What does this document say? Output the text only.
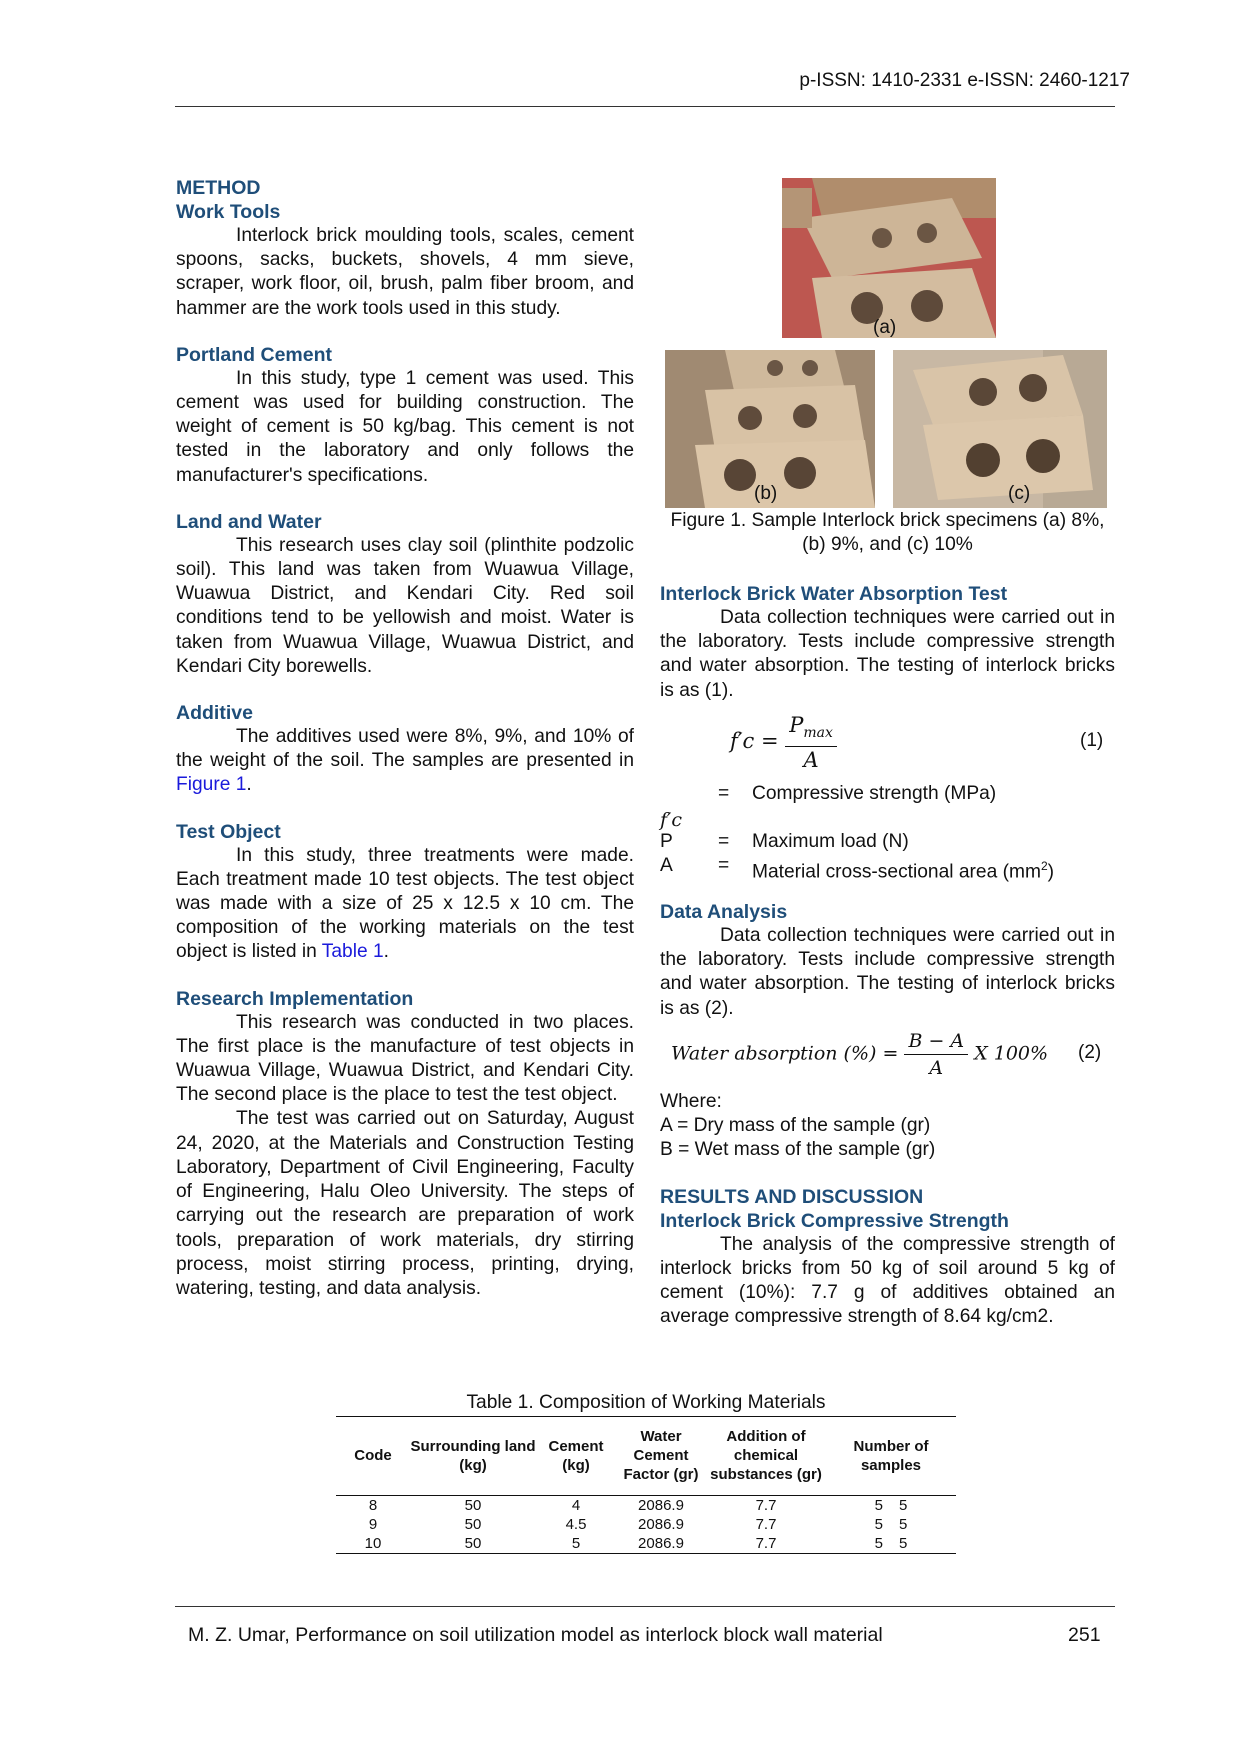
p-ISSN: 1410-2331 e-ISSN: 2460-1217
METHOD
Work Tools

Interlock brick moulding tools, scales, cement spoons, sacks, buckets, shovels, 4 mm sieve, scraper, work floor, oil, brush, palm fiber broom, and hammer are the work tools used in this study.

Portland Cement

In this study, type 1 cement was used. This cement was used for building construction. The weight of cement is 50 kg/bag. This cement is not tested in the laboratory and only follows the manufacturer's specifications.

Land and Water

This research uses clay soil (plinthite podzolic soil). This land was taken from Wuawua Village, Wuawua District, and Kendari City. Red soil conditions tend to be yellowish and moist. Water is taken from Wuawua Village, Wuawua District, and Kendari City borewells.

Additive

The additives used were 8%, 9%, and 10% of the weight of the soil. The samples are presented in Figure 1.

Test Object

In this study, three treatments were made. Each treatment made 10 test objects. The test object was made with a size of 25 x 12.5 x 10 cm. The composition of the working materials on the test object is listed in Table 1.

Research Implementation

This research was conducted in two places. The first place is the manufacture of test objects in Wuawua Village, Wuawua District, and Kendari City. The second place is the place to test the test object.

The test was carried out on Saturday, August 24, 2020, at the Materials and Construction Testing Laboratory, Department of Civil Engineering, Faculty of Engineering, Halu Oleo University. The steps of carrying out the research are preparation of work tools, preparation of work materials, dry stirring process, moist stirring process, printing, drying, watering, testing, and data analysis.

(a)
(b)	(c)
Figure 1. Sample Interlock brick specimens (a) 8%, (b) 9%, and (c) 10%
Interlock Brick Water Absorption Test

Data collection techniques were carried out in the laboratory. Tests include compressive strength and water absorption. The testing of interlock bricks is as (1).

$f'c = \frac{P_{max}}{A}$	(1)
f′c
= Compressive strength (MPa)
P = Maximum load (N)
A = Material cross-sectional area $(mm^2)$
Data Analysis

Data collection techniques were carried out in the laboratory. Tests include compressive strength and water absorption. The testing of interlock bricks is as (2).

Water absorption (%) = $\frac{B - A}{A}$ X 100% (2)
Where:
A = Dry mass of the sample (gr)
B = Wet mass of the sample (gr)
RESULTS AND DISCUSSION
Interlock Brick Compressive Strength

The analysis of the compressive strength of interlock bricks from 50 kg of soil around 5 kg of cement (10%): 7.7 g of additives obtained an average compressive strength of 8.64 kg/cm2.

Table 1. Composition of Working Materials
Code	Surrounding land (kg)	Cement (kg)	Water Cement Factor (gr)	Addition of chemical substances (gr)	Number of samples	
8	50	4	2086.9	7.7	5	5
9	50	4.5	2086.9	7.7	5	5
10	50	5	2086.9	7.7	5	5
M. Z. Umar, Performance on soil utilization model as interlock block wall material	251
